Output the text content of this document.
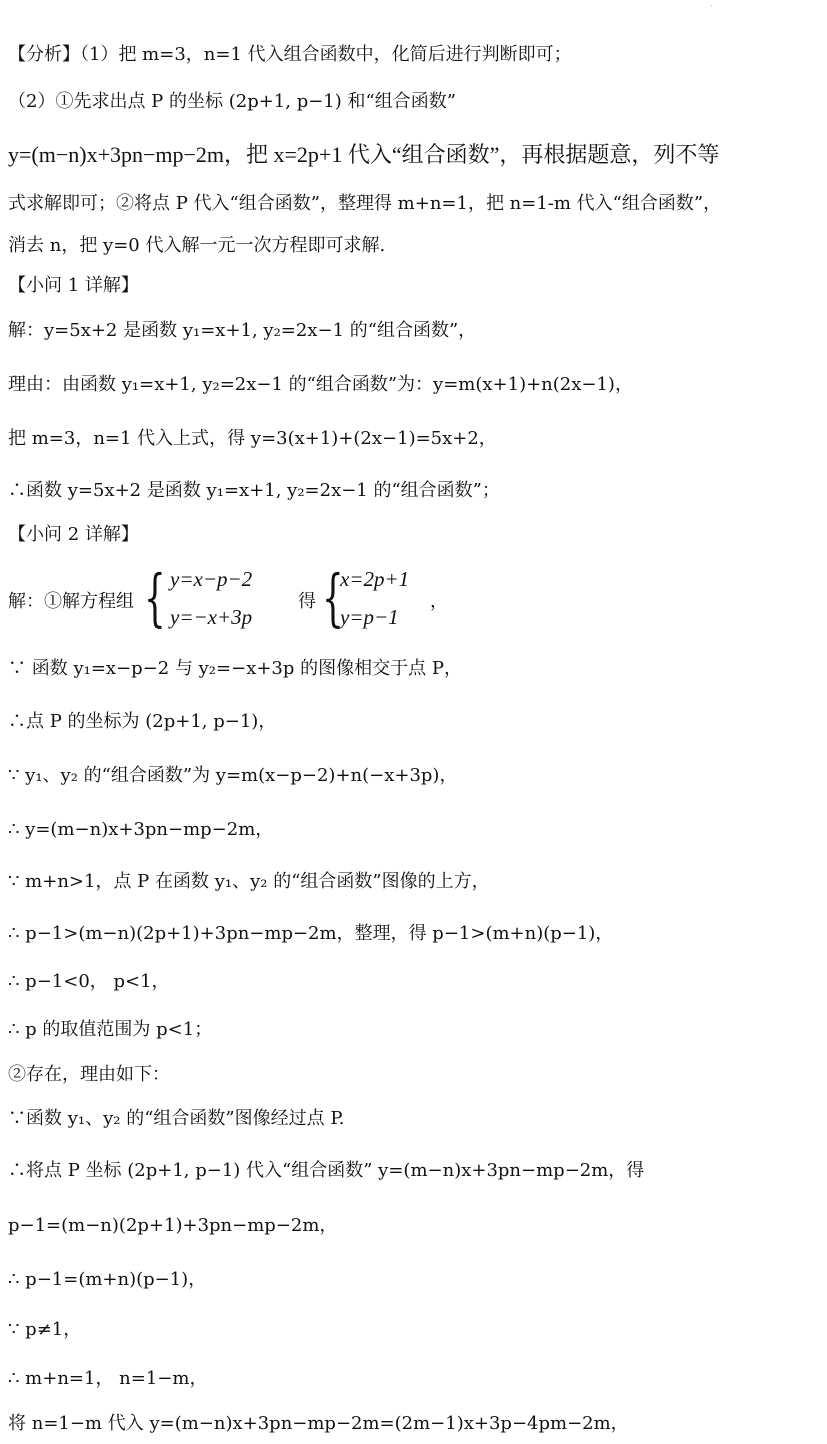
·
【分析】（1）把 m=3，n=1 代入组合函数中，化简后进行判断即可；
（2）①先求出点 P 的坐标 (2p+1, p−1) 和“组合函数”
y=(m−n)x+3pn−mp−2m，把 x=2p+1 代入“组合函数”，再根据题意，列不等
式求解即可；②将点 P 代入“组合函数”，整理得 m+n=1，把 n=1-m 代入“组合函数”，
消去 n，把 y=0 代入解一元一次方程即可求解.
【小问 1 详解】
解：y=5x+2 是函数 y₁=x+1, y₂=2x−1 的“组合函数”，
理由：由函数 y₁=x+1, y₂=2x−1 的“组合函数”为：y=m(x+1)+n(2x−1)，
把 m=3，n=1 代入上式，得 y=3(x+1)+(2x−1)=5x+2，
∴函数 y=5x+2 是函数 y₁=x+1, y₂=2x−1 的“组合函数”；
【小问 2 详解】
解：①解方程组 { y=x−p−2
y=−x+3p
得 {
x=2p+1
y=p−1
，
∵ 函数 y₁=x−p−2 与 y₂=−x+3p 的图像相交于点 P，
∴点 P 的坐标为 (2p+1, p−1)，
∵ y₁、y₂ 的“组合函数”为 y=m(x−p−2)+n(−x+3p)，
∴ y=(m−n)x+3pn−mp−2m，
∵ m+n>1，点 P 在函数 y₁、y₂ 的“组合函数”图像的上方，
∴ p−1>(m−n)(2p+1)+3pn−mp−2m，整理，得 p−1>(m+n)(p−1)，
∴ p−1<0， p<1，
∴ p 的取值范围为 p<1；
②存在，理由如下：
∵函数 y₁、y₂ 的“组合函数”图像经过点 P.
∴将点 P 坐标 (2p+1, p−1) 代入“组合函数” y=(m−n)x+3pn−mp−2m，得
p−1=(m−n)(2p+1)+3pn−mp−2m，
∴ p−1=(m+n)(p−1)，
∵ p≠1，
∴ m+n=1， n=1−m，
将 n=1−m 代入 y=(m−n)x+3pn−mp−2m=(2m−1)x+3p−4pm−2m，
